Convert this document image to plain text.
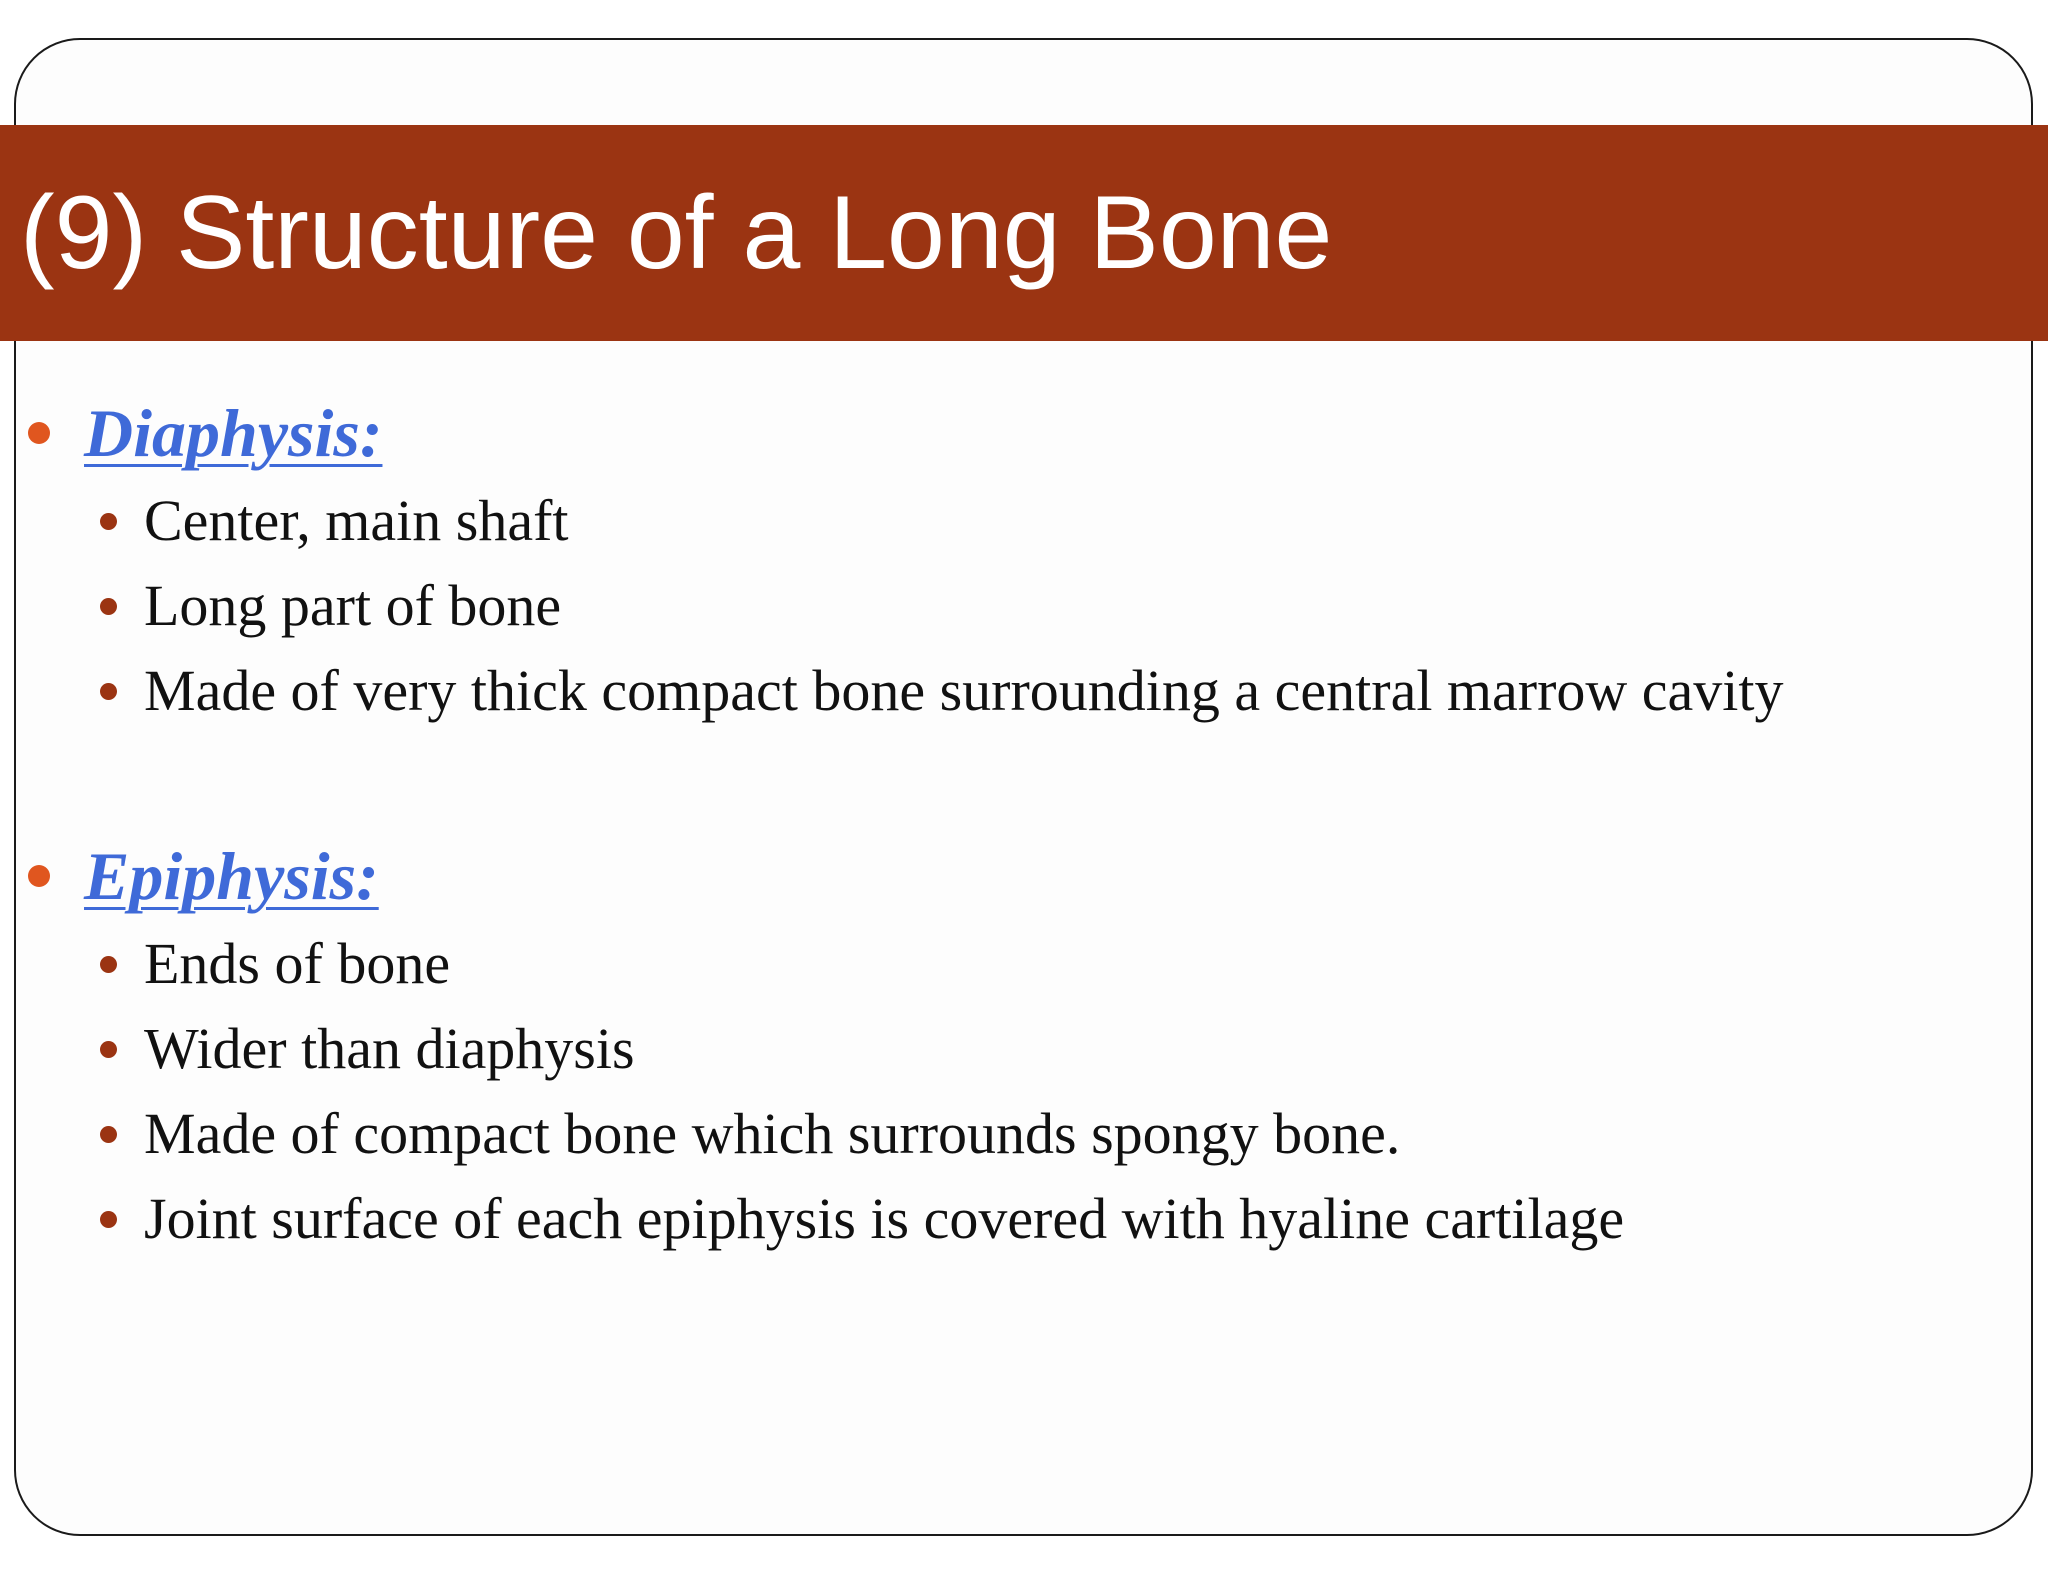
(9) Structure of a Long Bone
Diaphysis:
Center, main shaft
Long part of bone
Made of very thick compact bone surrounding a central marrow cavity
Epiphysis:
Ends of bone
Wider than diaphysis
Made of compact bone which surrounds spongy bone.
Joint surface of each epiphysis is covered with hyaline cartilage
